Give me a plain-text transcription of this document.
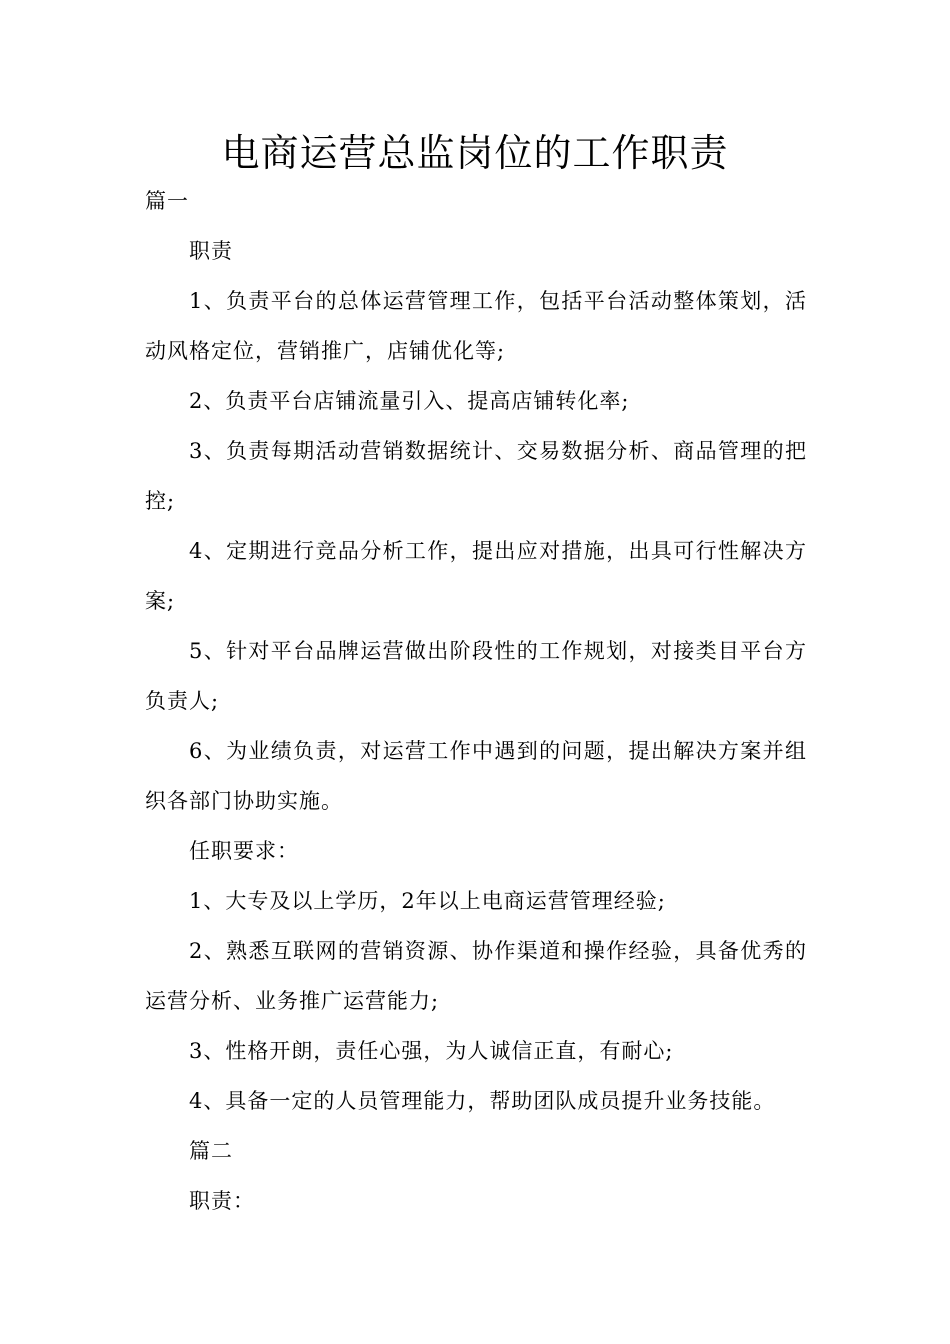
电商运营总监岗位的工作职责

篇一

职责

1、负责平台的总体运营管理工作，包括平台活动整体策划，活动风格定位，营销推广，店铺优化等;

2、负责平台店铺流量引入、提高店铺转化率;

3、负责每期活动营销数据统计、交易数据分析、商品管理的把控;

4、定期进行竞品分析工作，提出应对措施，出具可行性解决方案;

5、针对平台品牌运营做出阶段性的工作规划，对接类目平台方负责人;

6、为业绩负责，对运营工作中遇到的问题，提出解决方案并组织各部门协助实施。

任职要求：

1、大专及以上学历，2年以上电商运营管理经验;

2、熟悉互联网的营销资源、协作渠道和操作经验，具备优秀的运营分析、业务推广运营能力;

3、性格开朗，责任心强，为人诚信正直，有耐心;

4、具备一定的人员管理能力，帮助团队成员提升业务技能。

篇二

职责：
